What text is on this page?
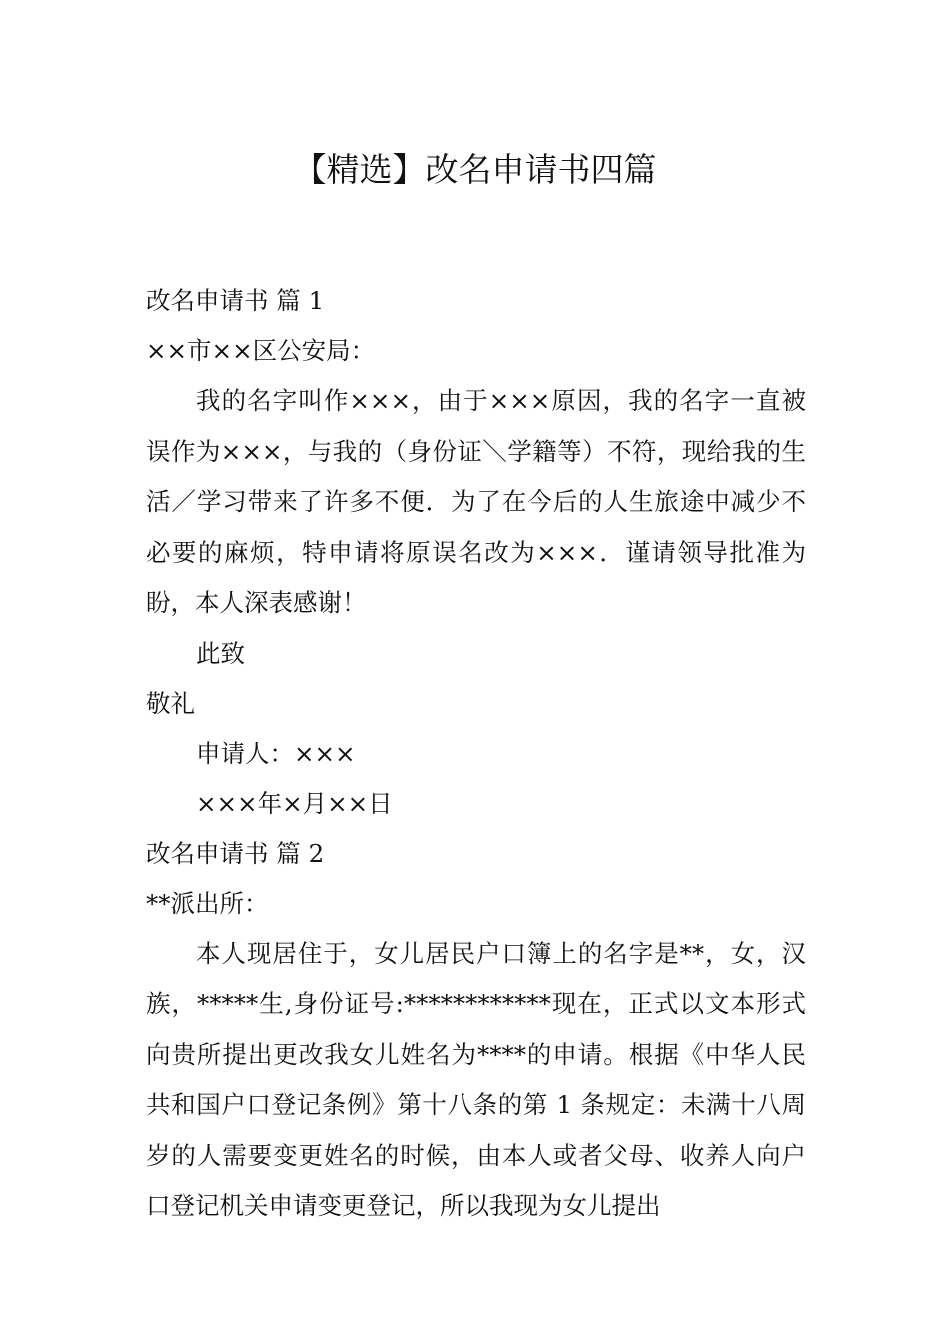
【精选】改名申请书四篇
改名申请书 篇 1
××市××区公安局：
我的名字叫作×××，由于×××原因，我的名字一直被误作为×××，与我的（身份证＼学籍等）不符，现给我的生活／学习带来了许多不便．为了在今后的人生旅途中减少不必要的麻烦，特申请将原误名改为×××．谨请领导批准为盼，本人深表感谢！
此致
敬礼
申请人：×××
×××年×月××日
改名申请书 篇 2
**派出所：
本人现居住于，女儿居民户口簿上的名字是**，女，汉族，*****生,身份证号:************现在，正式以文本形式向贵所提出更改我女儿姓名为****的申请。根据《中华人民共和国户口登记条例》第十八条的第 1 条规定：未满十八周岁的人需要变更姓名的时候，由本人或者父母、收养人向户口登记机关申请变更登记，所以我现为女儿提出
